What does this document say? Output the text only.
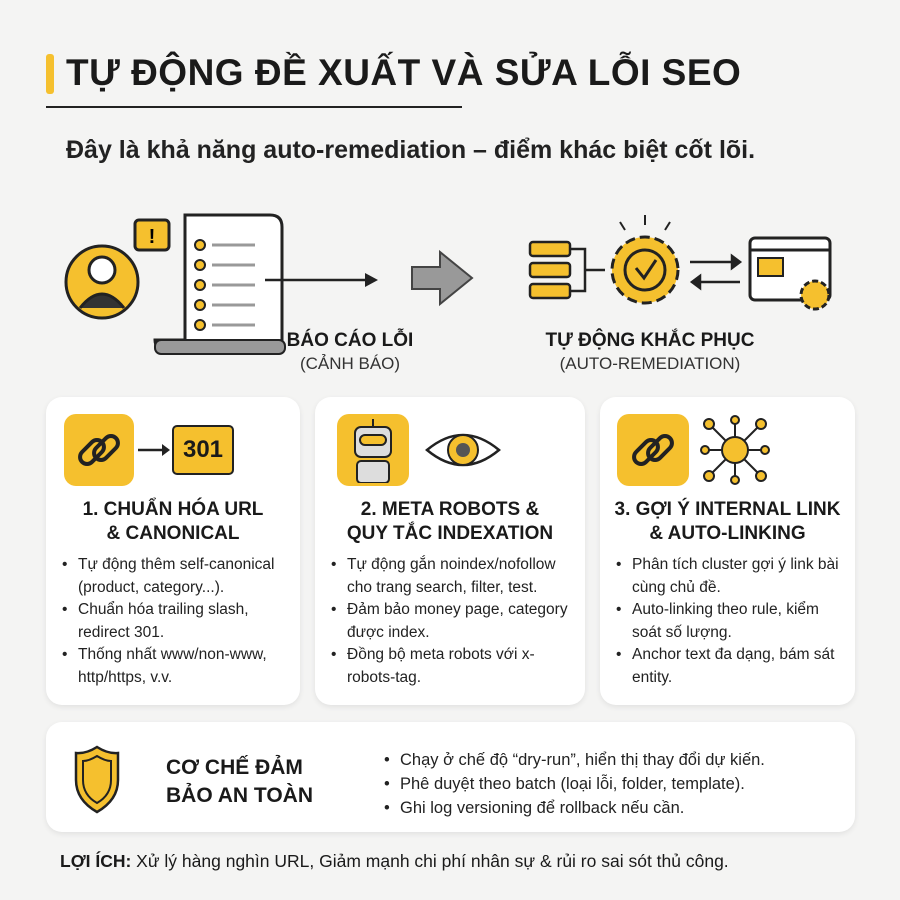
TỰ ĐỘNG ĐỀ XUẤT VÀ SỬA LỖI SEO
Đây là khả năng auto-remediation – điểm khác biệt cốt lõi.
!
BÁO CÁO LỖI
(CẢNH BÁO)
TỰ ĐỘNG KHẮC PHỤC
(AUTO-REMEDIATION)
301
1. CHUẨN HÓA URL
& CANONICAL
• Tự động thêm self-canonical (product, category...).
• Chuẩn hóa trailing slash, redirect 301.
• Thống nhất www/non-www, http/https, v.v.
2. META ROBOTS &
QUY TẮC INDEXATION
• Tự động gắn noindex/nofollow cho trang search, filter, test.
• Đảm bảo money page, category được index.
• Đồng bộ meta robots với x-robots-tag.
3. GỢI Ý INTERNAL LINK
& AUTO-LINKING
• Phân tích cluster gợi ý link bài cùng chủ đề.
• Auto-linking theo rule, kiểm soát số lượng.
• Anchor text đa dạng, bám sát entity.
CƠ CHẾ ĐẢM
BẢO AN TOÀN
• Chạy ở chế độ “dry-run”, hiển thị thay đổi dự kiến.
• Phê duyệt theo batch (loại lỗi, folder, template).
• Ghi log versioning để rollback nếu cần.
LỢI ÍCH: Xử lý hàng nghìn URL, Giảm mạnh chi phí nhân sự & rủi ro sai sót thủ công.
